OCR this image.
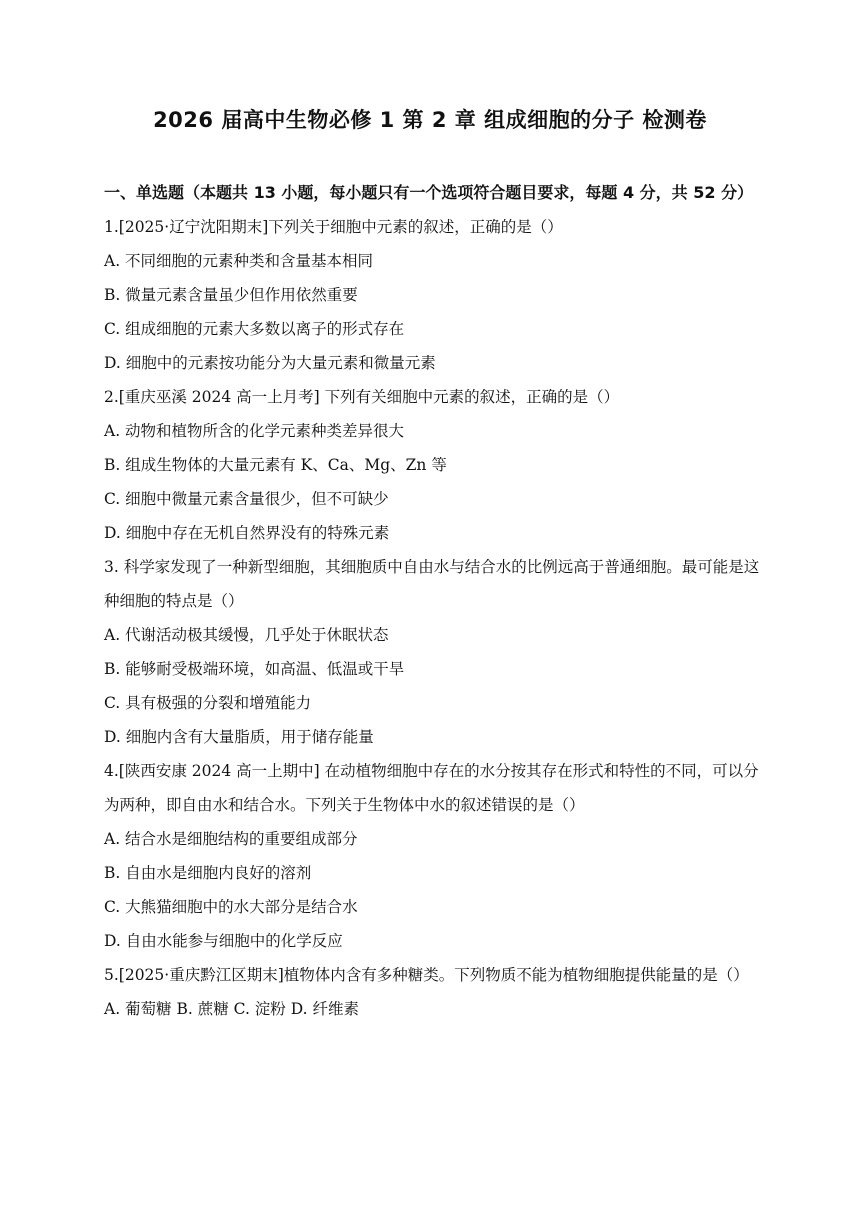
2026 届高中生物必修 1 第 2 章 组成细胞的分子 检测卷

一、单选题（本题共 13 小题，每小题只有一个选项符合题目要求，每题 4 分，共 52 分）

1.[2025·辽宁沈阳期末]下列关于细胞中元素的叙述，正确的是（）

A. 不同细胞的元素种类和含量基本相同

B. 微量元素含量虽少但作用依然重要

C. 组成细胞的元素大多数以离子的形式存在

D. 细胞中的元素按功能分为大量元素和微量元素

2.[重庆巫溪 2024 高一上月考] 下列有关细胞中元素的叙述，正确的是（）

A. 动物和植物所含的化学元素种类差异很大

B. 组成生物体的大量元素有 K、Ca、Mg、Zn 等

C. 细胞中微量元素含量很少，但不可缺少

D. 细胞中存在无机自然界没有的特殊元素

3. 科学家发现了一种新型细胞，其细胞质中自由水与结合水的比例远高于普通细胞。最可能是这种细胞的特点是（）

A. 代谢活动极其缓慢，几乎处于休眠状态

B. 能够耐受极端环境，如高温、低温或干旱

C. 具有极强的分裂和增殖能力

D. 细胞内含有大量脂质，用于储存能量

4.[陕西安康 2024 高一上期中] 在动植物细胞中存在的水分按其存在形式和特性的不同，可以分为两种，即自由水和结合水。下列关于生物体中水的叙述错误的是（）

A. 结合水是细胞结构的重要组成部分

B. 自由水是细胞内良好的溶剂

C. 大熊猫细胞中的水大部分是结合水

D. 自由水能参与细胞中的化学反应

5.[2025·重庆黔江区期末]植物体内含有多种糖类。下列物质不能为植物细胞提供能量的是（）

A. 葡萄糖 B. 蔗糖 C. 淀粉 D. 纤维素
